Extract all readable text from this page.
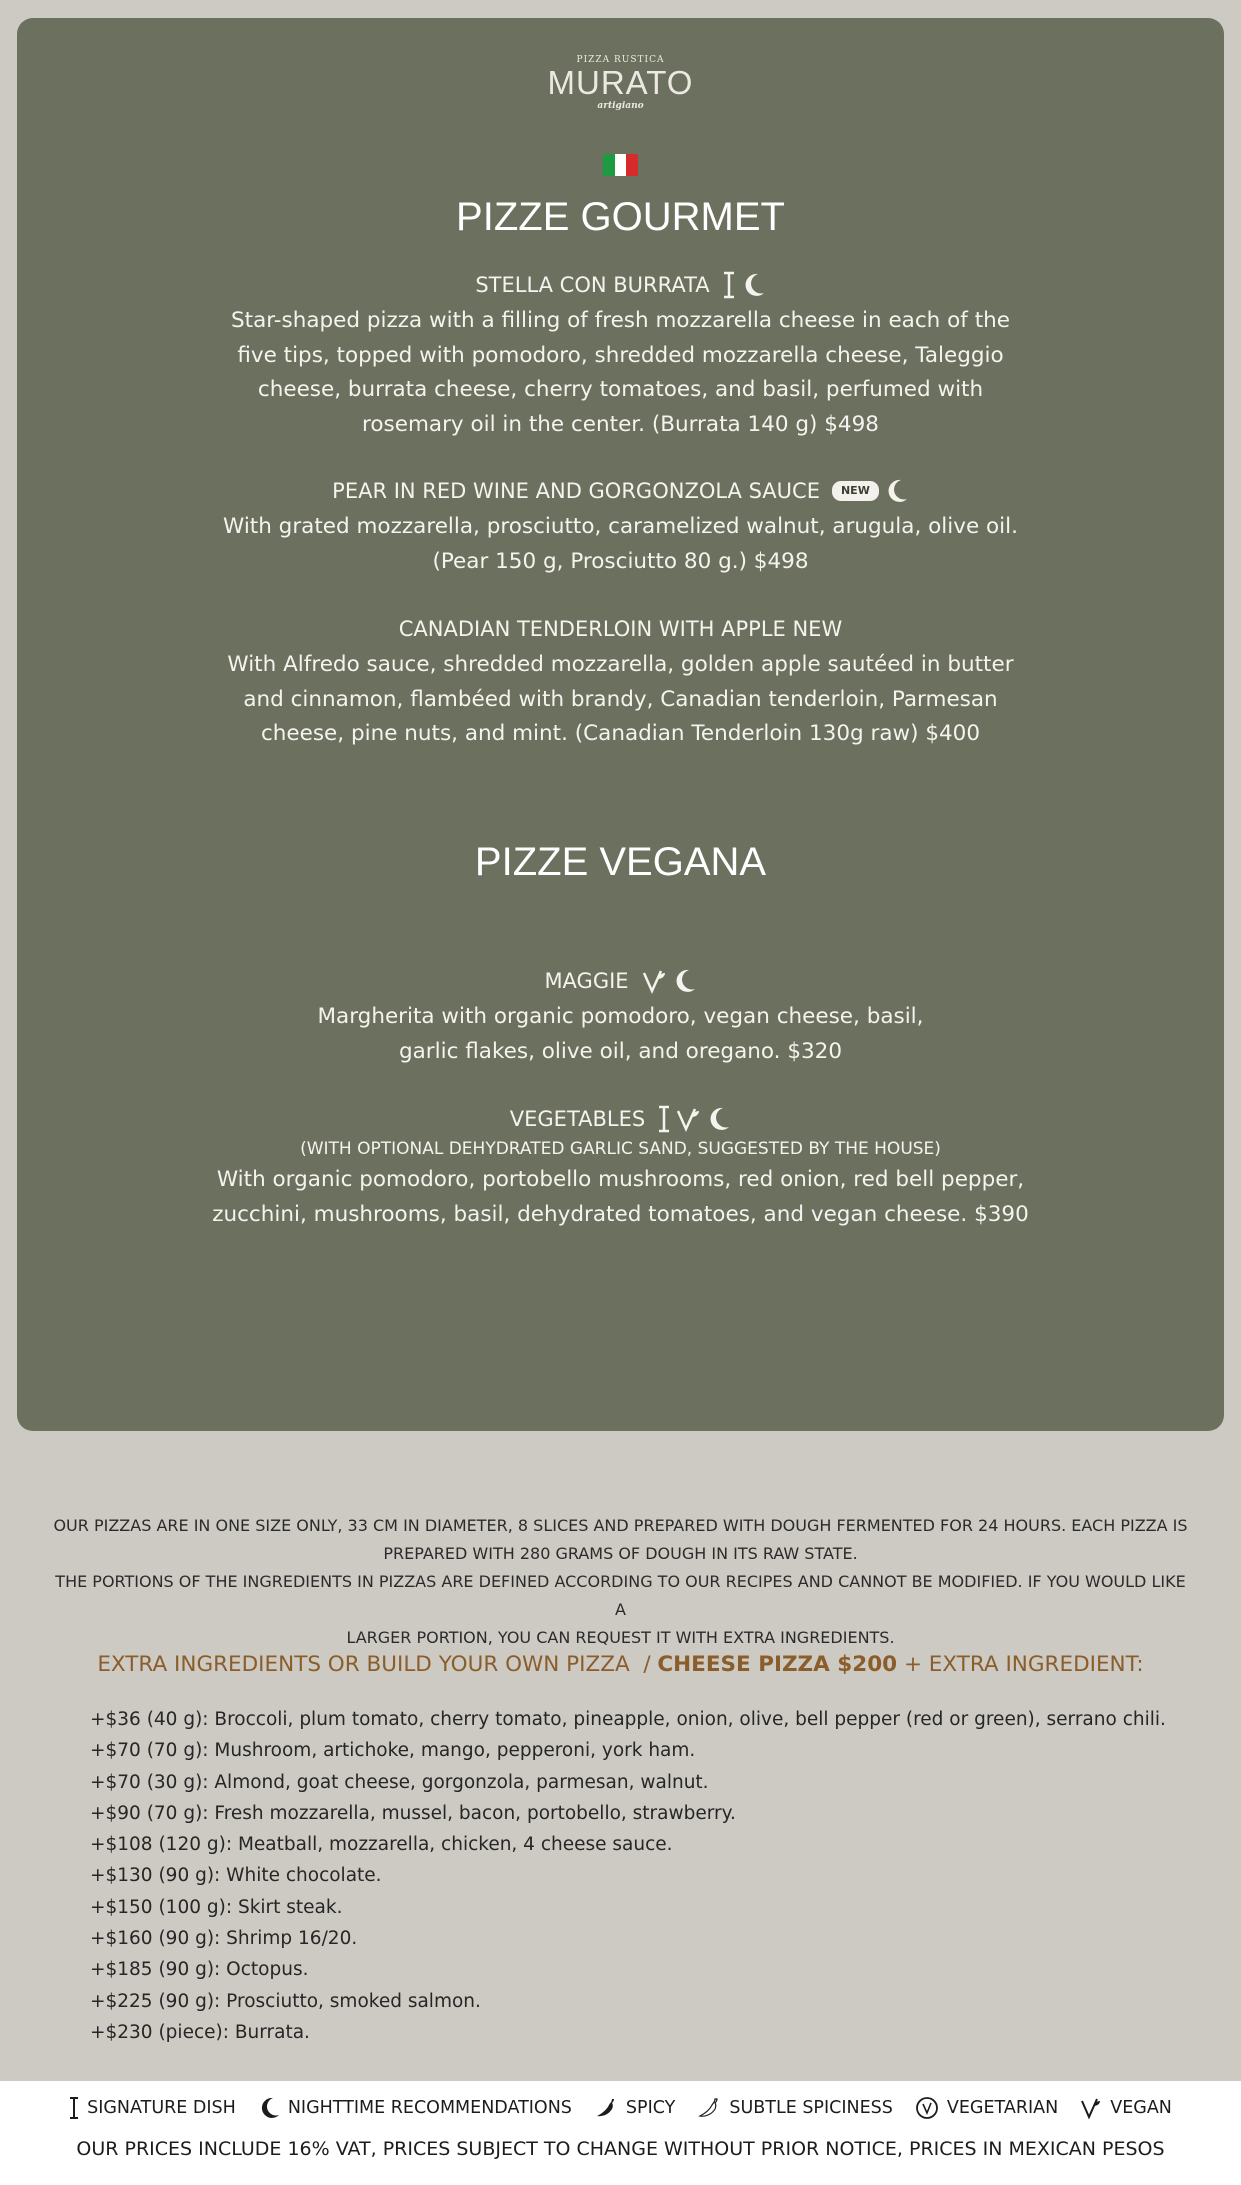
PIZZA RUSTICA
MURATO
artigiano
PIZZE GOURMET
STELLA CON BURRATA
Star-shaped pizza with a filling of fresh mozzarella cheese in each of the
five tips, topped with pomodoro, shredded mozzarella cheese, Taleggio
cheese, burrata cheese, cherry tomatoes, and basil, perfumed with
rosemary oil in the center. (Burrata 140 g) $498
PEAR IN RED WINE AND GORGONZOLA SAUCE	NEW
With grated mozzarella, prosciutto, caramelized walnut, arugula, olive oil.
(Pear 150 g, Prosciutto 80 g.) $498
CANADIAN TENDERLOIN WITH APPLE NEW
With Alfredo sauce, shredded mozzarella, golden apple sautéed in butter
and cinnamon, flambéed with brandy, Canadian tenderloin, Parmesan
cheese, pine nuts, and mint. (Canadian Tenderloin 130g raw) $400
PIZZE VEGANA
MAGGIE
Margherita with organic pomodoro, vegan cheese, basil,
garlic flakes, olive oil, and oregano. $320
VEGETABLES
(WITH OPTIONAL DEHYDRATED GARLIC SAND, SUGGESTED BY THE HOUSE)
With organic pomodoro, portobello mushrooms, red onion, red bell pepper,
zucchini, mushrooms, basil, dehydrated tomatoes, and vegan cheese. $390
OUR PIZZAS ARE IN ONE SIZE ONLY, 33 CM IN DIAMETER, 8 SLICES AND PREPARED WITH DOUGH FERMENTED FOR 24 HOURS. EACH PIZZA IS
PREPARED WITH 280 GRAMS OF DOUGH IN ITS RAW STATE.
THE PORTIONS OF THE INGREDIENTS IN PIZZAS ARE DEFINED ACCORDING TO OUR RECIPES AND CANNOT BE MODIFIED. IF YOU WOULD LIKE A
LARGER PORTION, YOU CAN REQUEST IT WITH EXTRA INGREDIENTS.
EXTRA INGREDIENTS OR BUILD YOUR OWN PIZZA  / CHEESE PIZZA $200 + EXTRA INGREDIENT:
+$36 (40 g): Broccoli, plum tomato, cherry tomato, pineapple, onion, olive, bell pepper (red or green), serrano chili.
+$70 (70 g): Mushroom, artichoke, mango, pepperoni, york ham.
+$70 (30 g): Almond, goat cheese, gorgonzola, parmesan, walnut.
+$90 (70 g): Fresh mozzarella, mussel, bacon, portobello, strawberry.
+$108 (120 g): Meatball, mozzarella, chicken, 4 cheese sauce.
+$130 (90 g): White chocolate.
+$150 (100 g): Skirt steak.
+$160 (90 g): Shrimp 16/20.
+$185 (90 g): Octopus.
+$225 (90 g): Prosciutto, smoked salmon.
+$230 (piece): Burrata.
SIGNATURE DISH	NIGHTTIME RECOMMENDATIONS	SPICY	SUBTLE SPICINESS	VEGETARIAN	VEGAN
OUR PRICES INCLUDE 16% VAT, PRICES SUBJECT TO CHANGE WITHOUT PRIOR NOTICE, PRICES IN MEXICAN PESOS
